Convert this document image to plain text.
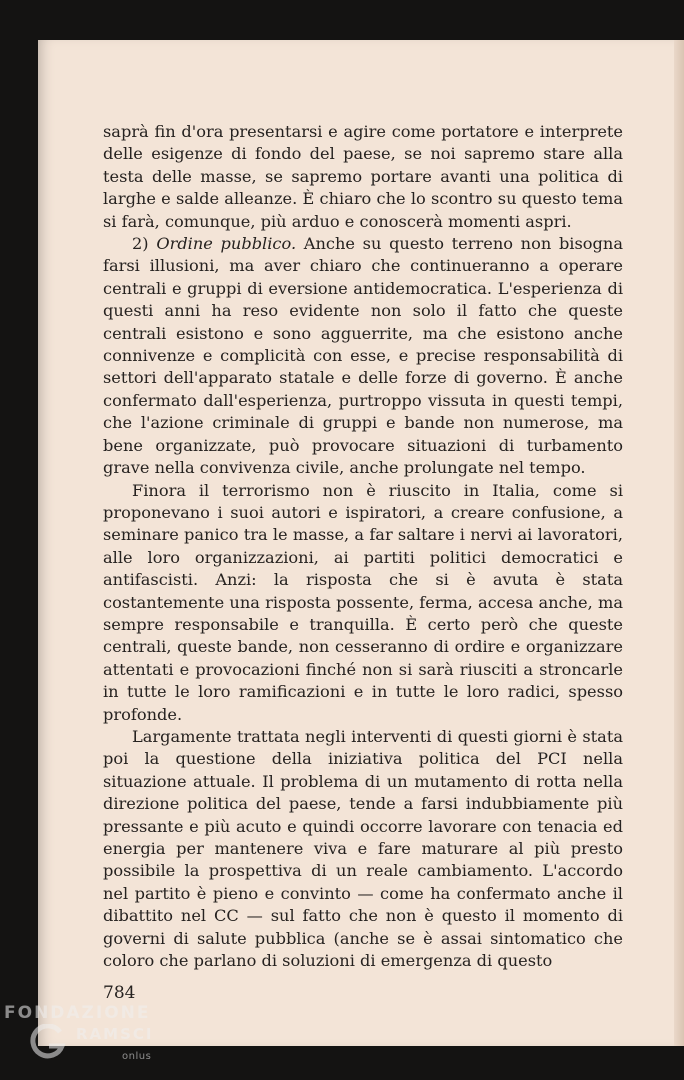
saprà fin d'ora presentarsi e agire come portatore e interprete delle esigenze di fondo del paese, se noi sapremo stare alla testa delle masse, se sapremo portare avanti una politica di larghe e salde alleanze. È chiaro che lo scontro su questo tema si farà, comunque, più arduo e conoscerà momenti aspri.

2) Ordine pubblico. Anche su questo terreno non bisogna farsi illusioni, ma aver chiaro che continueranno a operare centrali e gruppi di eversione antidemocratica. L'esperienza di questi anni ha reso evidente non solo il fatto che queste centrali esistono e sono agguerrite, ma che esistono anche connivenze e complicità con esse, e precise responsabilità di settori dell'apparato statale e delle forze di governo. È anche confermato dall'esperienza, purtroppo vissuta in questi tempi, che l'azione criminale di gruppi e bande non numerose, ma bene organizzate, può provocare situazioni di turbamento grave nella convivenza civile, anche prolungate nel tempo.

Finora il terrorismo non è riuscito in Italia, come si proponevano i suoi autori e ispiratori, a creare confusione, a seminare panico tra le masse, a far saltare i nervi ai lavoratori, alle loro organizzazioni, ai partiti politici democratici e antifascisti. Anzi: la risposta che si è avuta è stata costantemente una risposta possente, ferma, accesa anche, ma sempre responsabile e tranquilla. È certo però che queste centrali, queste bande, non cesseranno di ordire e organizzare attentati e provocazioni finché non si sarà riusciti a stroncarle in tutte le loro ramificazioni e in tutte le loro radici, spesso profonde.

Largamente trattata negli interventi di questi giorni è stata poi la questione della iniziativa politica del PCI nella situazione attuale. Il problema di un mutamento di rotta nella direzione politica del paese, tende a farsi indubbiamente più pressante e più acuto e quindi occorre lavorare con tenacia ed energia per mantenere viva e fare maturare al più presto possibile la prospettiva di un reale cambiamento. L'accordo nel partito è pieno e convinto — come ha confermato anche il dibattito nel CC — sul fatto che non è questo il momento di governi di salute pubblica (anche se è assai sintomatico che coloro che parlano di soluzioni di emergenza di questo

784
FONDAZIONE
RAMSCI
onlus
